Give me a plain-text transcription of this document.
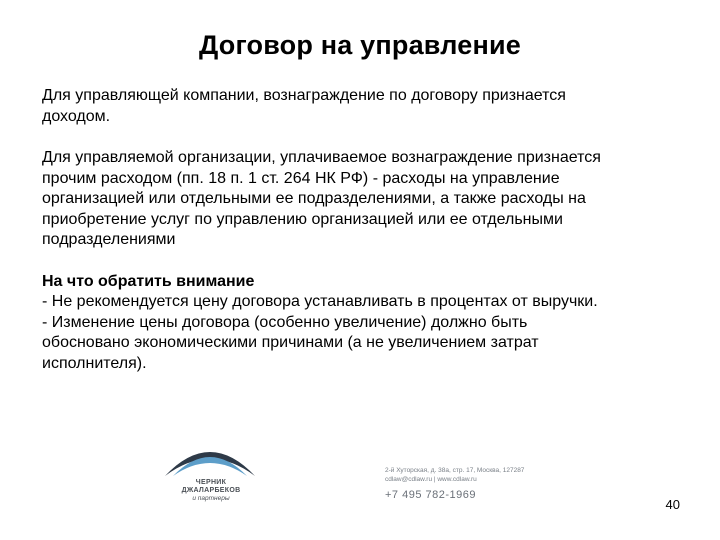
Договор на управление

Для управляющей компании, вознаграждение по договору признается
доходом.

Для управляемой организации, уплачиваемое вознаграждение признается
прочим расходом (пп. 18 п. 1 ст. 264 НК РФ) - расходы на управление
организацией или отдельными ее подразделениями, а также расходы на
приобретение услуг по управлению организацией или ее отдельными
подразделениями

На что обратить внимание
- Не рекомендуется цену договора устанавливать в процентах от выручки.
- Изменение цены договора (особенно увеличение) должно быть
обосновано экономическими причинами (а не увеличением затрат
исполнителя).

ЧЕРНИК
ДЖАЛАРБЕКОВ
и партнеры
2-й Хуторская, д. 38а, стр. 17, Москва, 127287
cdlaw@cdlaw.ru | www.cdlaw.ru
+7 495 782-1969
40
